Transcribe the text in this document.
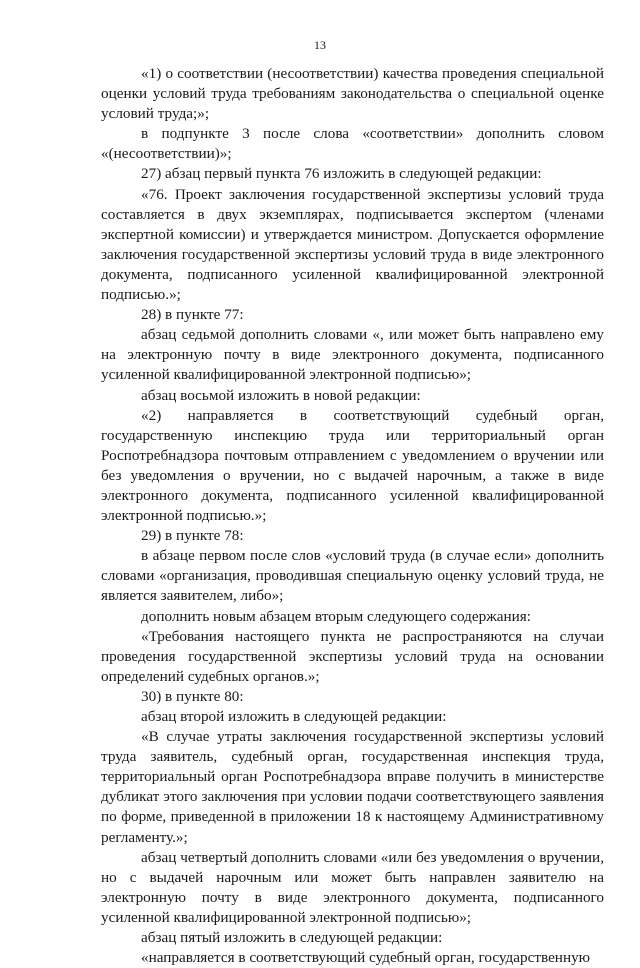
13

«1) о соответствии (несоответствии) качества проведения специальной оценки условий труда требованиям законодательства о специальной оценке условий труда;»;

в подпункте 3 после слова «соответствии» дополнить словом «(несоответствии)»;

27) абзац первый пункта 76 изложить в следующей редакции:

«76. Проект заключения государственной экспертизы условий труда составляется в двух экземплярах, подписывается экспертом (членами экспертной комиссии) и утверждается министром. Допускается оформление заключения государственной экспертизы условий труда в виде электронного документа, подписанного усиленной квалифицированной электронной подписью.»;

28) в пункте 77:

абзац седьмой дополнить словами «, или может быть направлено ему на электронную почту в виде электронного документа, подписанного усиленной квалифицированной электронной подписью»;

абзац восьмой изложить в новой редакции:

«2) направляется в соответствующий судебный орган, государственную инспекцию труда или территориальный орган Роспотребнадзора почтовым отправлением с уведомлением о вручении или без уведомления о вручении, но с выдачей нарочным, а также в виде электронного документа, подписанного усиленной квалифицированной электронной подписью.»;

29) в пункте 78:

в абзаце первом после слов «условий труда (в случае если» дополнить словами «организация, проводившая специальную оценку условий труда, не является заявителем, либо»;

дополнить новым абзацем вторым следующего содержания:

«Требования настоящего пункта не распространяются на случаи проведения государственной экспертизы условий труда на основании определений судебных органов.»;

30) в пункте 80:

абзац второй изложить в следующей редакции:

«В случае утраты заключения государственной экспертизы условий труда заявитель, судебный орган, государственная инспекция труда, территориальный орган Роспотребнадзора вправе получить в министерстве дубликат этого заключения при условии подачи соответствующего заявления по форме, приведенной в приложении 18 к настоящему Административному регламенту.»;

абзац четвертый дополнить словами «или без уведомления о вручении, но с выдачей нарочным или может быть направлен заявителю на электронную почту в виде электронного документа, подписанного усиленной квалифицированной электронной подписью»;

абзац пятый изложить в следующей редакции:

«направляется в соответствующий судебный орган, государственную
